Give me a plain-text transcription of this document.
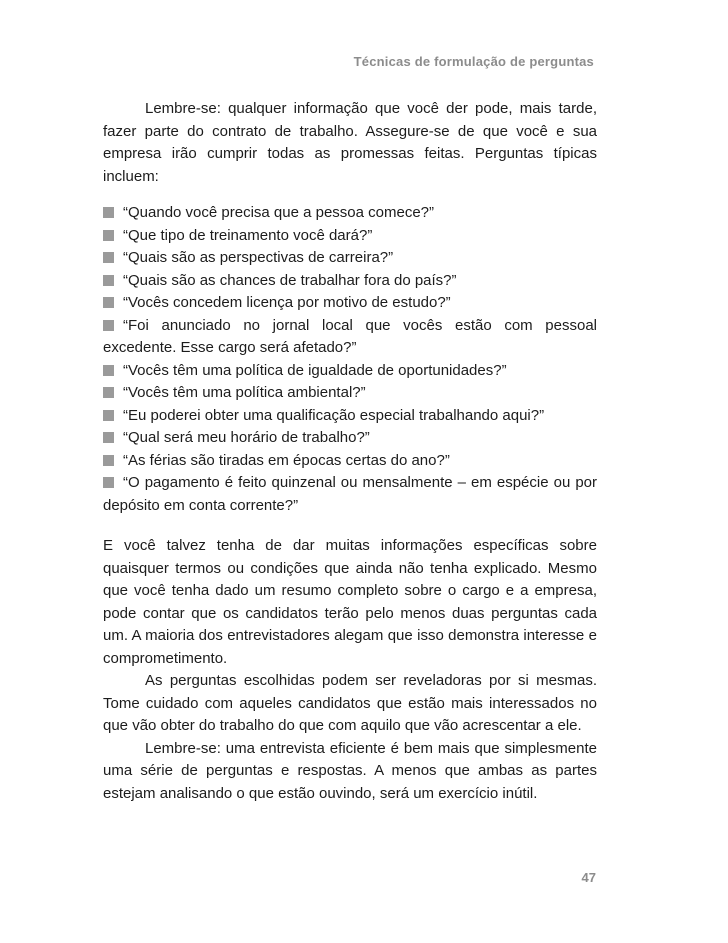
Técnicas de formulação de perguntas

Lembre-se: qualquer informação que você der pode, mais tarde, fazer parte do contrato de trabalho. Assegure-se de que você e sua empresa irão cumprir todas as promessas feitas. Perguntas típicas incluem:

“Quando você precisa que a pessoa comece?”
“Que tipo de treinamento você dará?”
“Quais são as perspectivas de carreira?”
“Quais são as chances de trabalhar fora do país?”
“Vocês concedem licença por motivo de estudo?”
“Foi anunciado no jornal local que vocês estão com pessoal excedente. Esse cargo será afetado?”
“Vocês têm uma política de igualdade de oportunidades?”
“Vocês têm uma política ambiental?”
“Eu poderei obter uma qualificação especial trabalhando aqui?”
“Qual será meu horário de trabalho?”
“As férias são tiradas em épocas certas do ano?”
“O pagamento é feito quinzenal ou mensalmente – em espécie ou por depósito em conta corrente?”

E você talvez tenha de dar muitas informações específicas sobre quaisquer termos ou condições que ainda não tenha explicado. Mesmo que você tenha dado um resumo completo sobre o cargo e a empresa, pode contar que os candidatos terão pelo menos duas perguntas cada um. A maioria dos entrevistadores alegam que isso demonstra interesse e comprometimento.

As perguntas escolhidas podem ser reveladoras por si mesmas. Tome cuidado com aqueles candidatos que estão mais interessados no que vão obter do trabalho do que com aquilo que vão acrescentar a ele.

Lembre-se: uma entrevista eficiente é bem mais que simplesmente uma série de perguntas e respostas. A menos que ambas as partes estejam analisando o que estão ouvindo, será um exercício inútil.

47
